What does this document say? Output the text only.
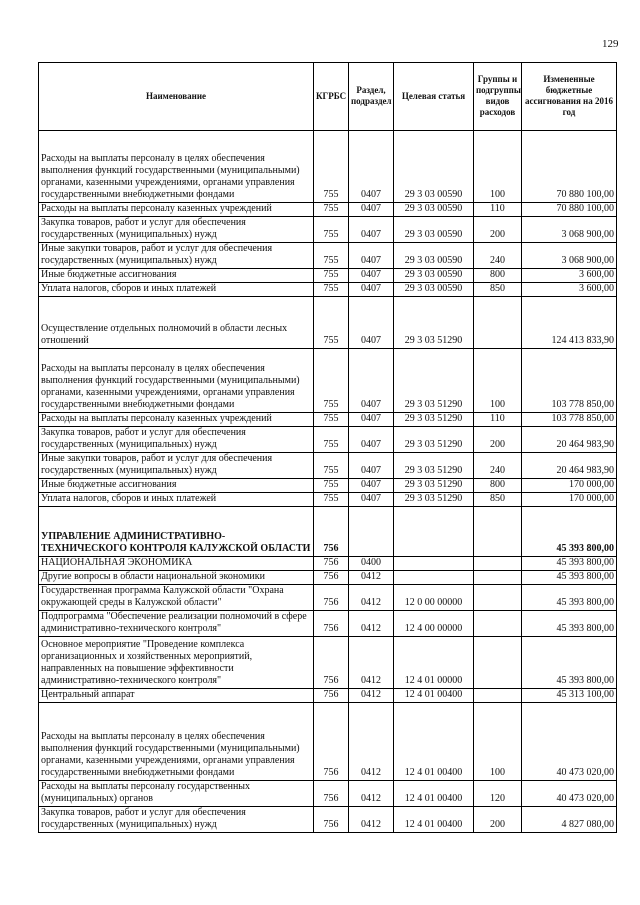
129
Наименование	КГРБС	Раздел, подраздел	Целевая статья	Группы и подгруппы видов расходов	Измененные бюджетные ассигнования на 2016 год
Расходы на выплаты персоналу в целях обеспечения выполнения функций государственными (муниципальными) органами, казенными учреждениями, органами управления государственными внебюджетными фондами	755	0407	29 3 03 00590	100	70 880 100,00
Расходы на выплаты персоналу казенных учреждений	755	0407	29 3 03 00590	110	70 880 100,00
Закупка товаров, работ и услуг для обеспечения государственных (муниципальных) нужд	755	0407	29 3 03 00590	200	3 068 900,00
Иные закупки товаров, работ и услуг для обеспечения государственных (муниципальных) нужд	755	0407	29 3 03 00590	240	3 068 900,00
Иные бюджетные ассигнования	755	0407	29 3 03 00590	800	3 600,00
Уплата налогов, сборов и иных платежей	755	0407	29 3 03 00590	850	3 600,00
Осуществление отдельных полномочий в области лесных отношений	755	0407	29 3 03 51290		124 413 833,90
Расходы на выплаты персоналу в целях обеспечения выполнения функций государственными (муниципальными) органами, казенными учреждениями, органами управления государственными внебюджетными фондами	755	0407	29 3 03 51290	100	103 778 850,00
Расходы на выплаты персоналу казенных учреждений	755	0407	29 3 03 51290	110	103 778 850,00
Закупка товаров, работ и услуг для обеспечения государственных (муниципальных) нужд	755	0407	29 3 03 51290	200	20 464 983,90
Иные закупки товаров, работ и услуг для обеспечения государственных (муниципальных) нужд	755	0407	29 3 03 51290	240	20 464 983,90
Иные бюджетные ассигнования	755	0407	29 3 03 51290	800	170 000,00
Уплата налогов, сборов и иных платежей	755	0407	29 3 03 51290	850	170 000,00
УПРАВЛЕНИЕ АДМИНИСТРАТИВНО-ТЕХНИЧЕСКОГО КОНТРОЛЯ КАЛУЖСКОЙ ОБЛАСТИ	756				45 393 800,00
НАЦИОНАЛЬНАЯ ЭКОНОМИКА	756	0400			45 393 800,00
Другие вопросы в области национальной экономики	756	0412			45 393 800,00
Государственная программа Калужской области "Охрана окружающей среды в Калужской области"	756	0412	12 0 00 00000		45 393 800,00
Подпрограмма "Обеспечение реализации полномочий в сфере административно-технического контроля"	756	0412	12 4 00 00000		45 393 800,00
Основное мероприятие "Проведение комплекса организационных и хозяйственных мероприятий, направленных на повышение эффективности административно-технического контроля"	756	0412	12 4 01 00000		45 393 800,00
Центральный аппарат	756	0412	12 4 01 00400		45 313 100,00
Расходы на выплаты персоналу в целях обеспечения выполнения функций государственными (муниципальными) органами, казенными учреждениями, органами управления государственными внебюджетными фондами	756	0412	12 4 01 00400	100	40 473 020,00
Расходы на выплаты персоналу государственных (муниципальных) органов	756	0412	12 4 01 00400	120	40 473 020,00
Закупка товаров, работ и услуг для обеспечения государственных (муниципальных) нужд	756	0412	12 4 01 00400	200	4 827 080,00
